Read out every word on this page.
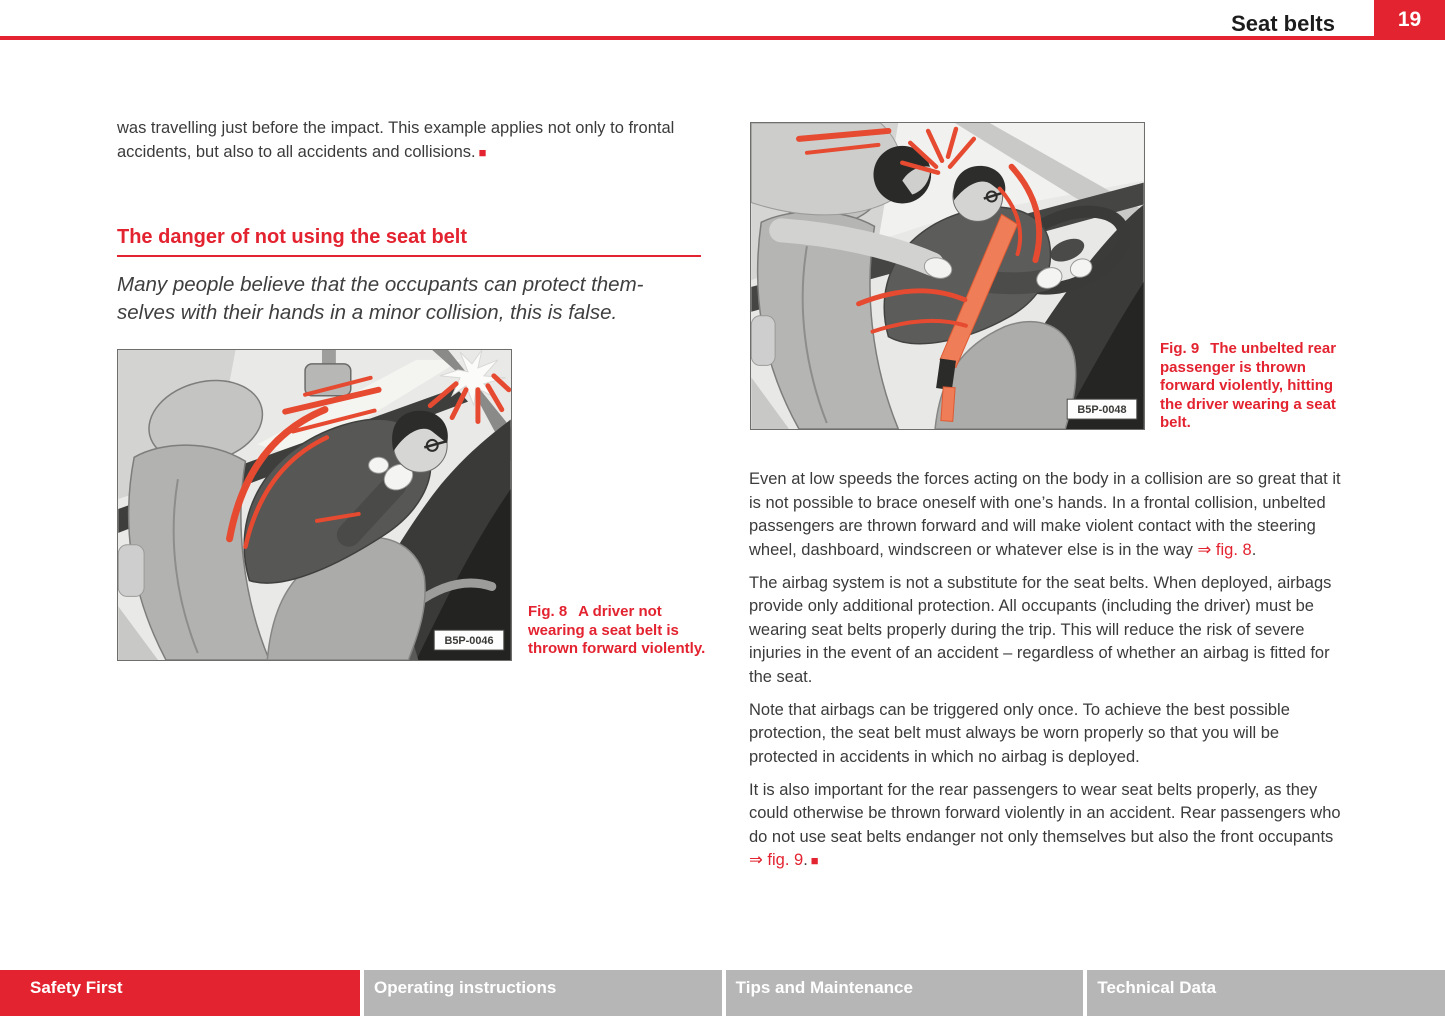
Seat belts	19

was travelling just before the impact. This example applies not only to frontal accidents, but also to all accidents and collisions. ■

The danger of not using the seat belt

Many people believe that the occupants can protect them-
selves with their hands in a minor collision, this is false.

B5P-0046
Fig. 8 A driver not wearing a seat belt is thrown forward violently.
B5P-0048
Fig. 9 The unbelted rear passenger is thrown forward violently, hitting the driver wearing a seat belt.

Even at low speeds the forces acting on the body in a collision are so great that it is not possible to brace oneself with one’s hands. In a frontal collision, unbelted passengers are thrown forward and will make violent contact with the steering wheel, dashboard, windscreen or whatever else is in the way ⇒ fig. 8.

The airbag system is not a substitute for the seat belts. When deployed, airbags provide only additional protection. All occupants (including the driver) must be wearing seat belts properly during the trip. This will reduce the risk of severe injuries in the event of an accident – regardless of whether an airbag is fitted for the seat.

Note that airbags can be triggered only once. To achieve the best possible protection, the seat belt must always be worn properly so that you will be protected in accidents in which no airbag is deployed.

It is also important for the rear passengers to wear seat belts properly, as they could otherwise be thrown forward violently in an accident. Rear passengers who do not use seat belts endanger not only themselves but also the front occupants ⇒ fig. 9. ■

Safety First	Operating instructions	Tips and Maintenance	Technical Data
